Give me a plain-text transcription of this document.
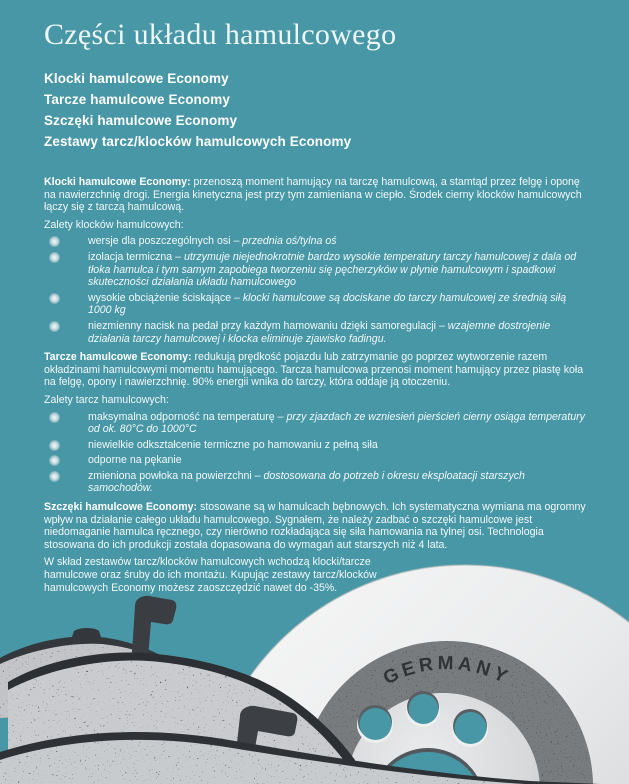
Części układu hamulcowego
Klocki hamulcowe Economy
Tarcze hamulcowe Economy
Szczęki hamulcowe Economy
Zestawy tarcz/klocków hamulcowych Economy

Klocki hamulcowe Economy: przenoszą moment hamujący na tarczę hamulcową, a stamtąd przez felgę i oponę na nawierzchnię drogi. Energia kinetyczna jest przy tym zamieniana w ciepło. Środek cierny klocków hamulcowych łączy się z tarczą hamulcową.

Zalety klocków hamulcowych:

wersje dla poszczególnych osi – przednia oś/tylna oś
izolacja termiczna – utrzymuje niejednokrotnie bardzo wysokie temperatury tarczy hamulcowej z dala od tłoka hamulca i tym samym zapobiega tworzeniu się pęcherzyków w płynie hamulcowym i spadkowi skuteczności działania układu hamulcowego
wysokie obciążenie ściskające – klocki hamulcowe są dociskane do tarczy hamulcowej ze średnią siłą 1000 kg
niezmienny nacisk na pedał przy każdym hamowaniu dzięki samoregulacji – wzajemne dostrojenie działania tarczy hamulcowej i klocka eliminuje zjawisko fadingu.

Tarcze hamulcowe Economy: redukują prędkość pojazdu lub zatrzymanie go poprzez wytworzenie razem okładzinami hamulcowymi momentu hamującego. Tarcza hamulcowa przenosi moment hamujący przez piastę koła na felgę, opony i nawierzchnię. 90% energii wnika do tarczy, która oddaje ją otoczeniu.

Zalety tarcz hamulcowych:

maksymalna odporność na temperaturę – przy zjazdach ze wzniesień pierścień cierny osiąga temperatury od ok. 80°C do 1000°C
niewielkie odkształcenie termiczne po hamowaniu z pełną siła
odporne na pękanie
zmieniona powłoka na powierzchni – dostosowana do potrzeb i okresu eksploatacji starszych samochodów.

Szczęki hamulcowe Economy: stosowane są w hamulcach bębnowych. Ich systematyczna wymiana ma ogromny wpływ na działanie całego układu hamulcowego. Sygnałem, że należy zadbać o szczęki hamulcowe jest niedomaganie hamulca ręcznego, czy nierówno rozkładająca się siła hamowania na tylnej osi. Technologia stosowana do ich produkcji została dopasowana do wymagań aut starszych niż 4 lata.

W skład zestawów tarcz/klocków hamulcowych wchodzą klocki/tarcze hamulcowe oraz śruby do ich montażu. Kupując zestawy tarcz/klocków hamulcowych Economy możesz zaoszczędzić nawet do -35%.

GERMANY
